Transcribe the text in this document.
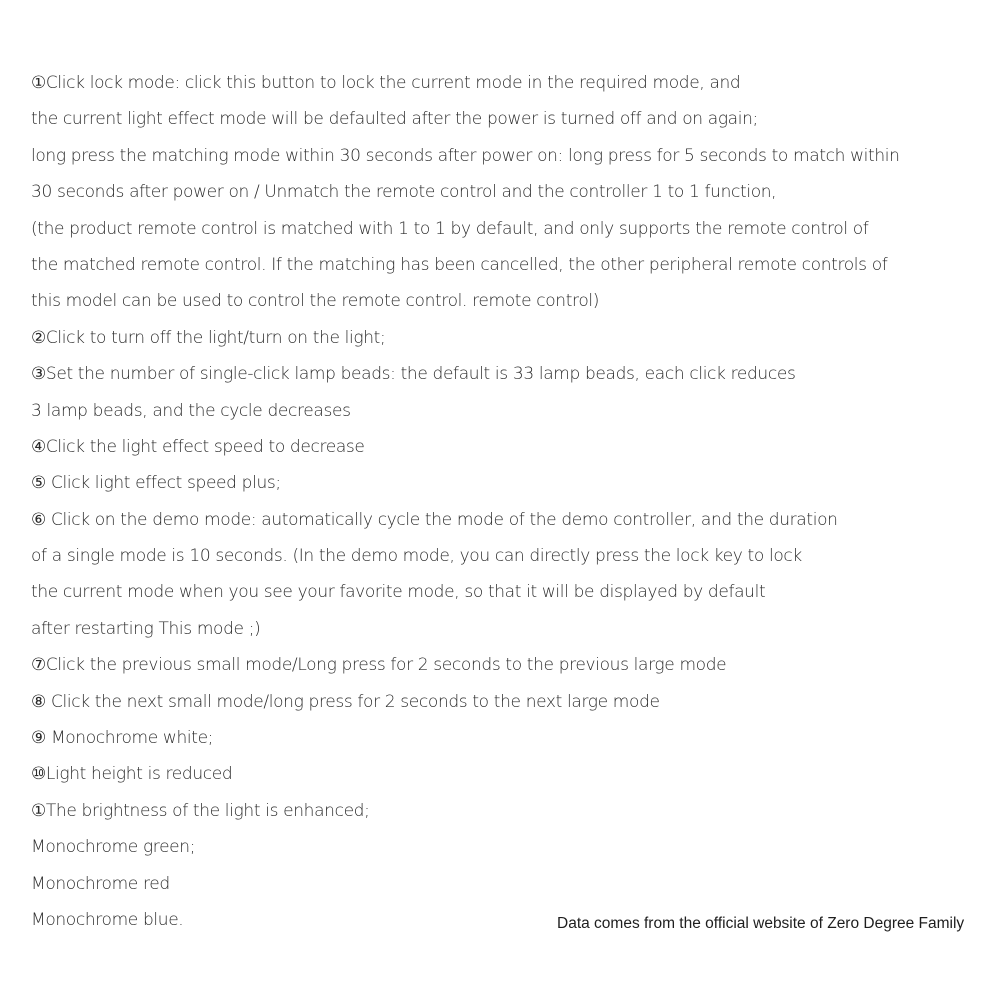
①Click lock mode: click this button to lock the current mode in the required mode, and
the current light effect mode will be defaulted after the power is turned off and on again;
long press the matching mode within 30 seconds after power on: long press for 5 seconds to match within
30 seconds after power on / Unmatch the remote control and the controller 1 to 1 function,
(the product remote control is matched with 1 to 1 by default, and only supports the remote control of
the matched remote control. If the matching has been cancelled, the other peripheral remote controls of
this model can be used to control the remote control. remote control)
②Click to turn off the light/turn on the light;
③Set the number of single-click lamp beads: the default is 33 lamp beads, each click reduces
3 lamp beads, and the cycle decreases
④Click the light effect speed to decrease
⑤ Click light effect speed plus;
⑥ Click on the demo mode: automatically cycle the mode of the demo controller, and the duration
of a single mode is 10 seconds. (In the demo mode, you can directly press the lock key to lock
the current mode when you see your favorite mode, so that it will be displayed by default
after restarting This mode ;)
⑦Click the previous small mode/Long press for 2 seconds to the previous large mode
⑧ Click the next small mode/long press for 2 seconds to the next large mode
⑨ Monochrome white;
⑩Light height is reduced
①The brightness of the light is enhanced;
Monochrome green;
Monochrome red
Monochrome blue.	Data comes from the official website of Zero Degree Family
